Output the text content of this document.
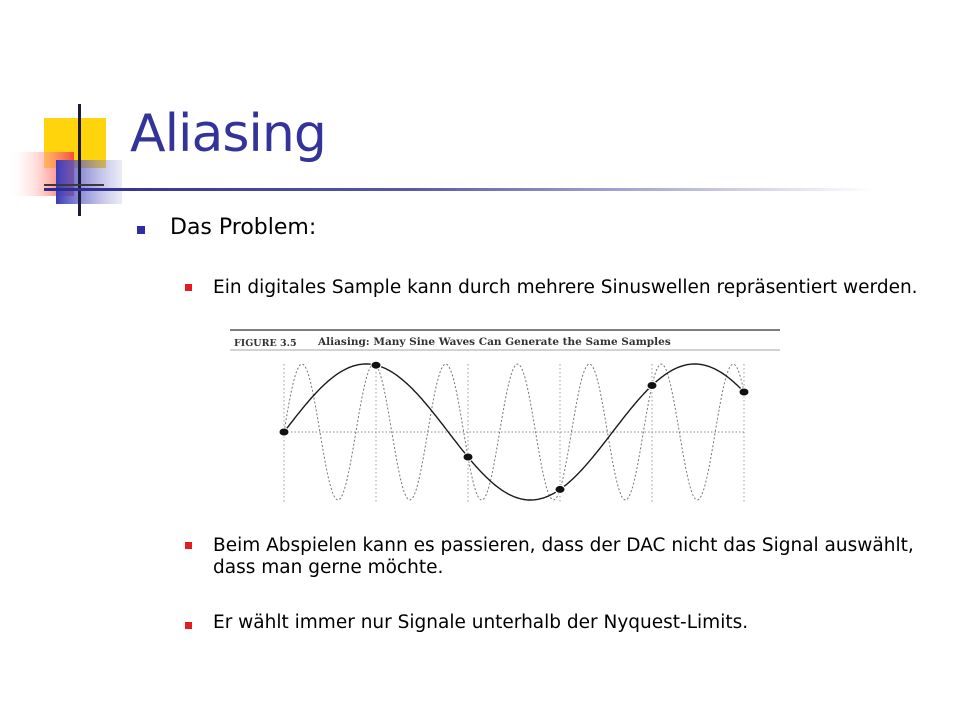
Aliasing
Das Problem:
Ein digitales Sample kann durch mehrere Sinuswellen repräsentiert werden.
FIGURE 3.5 Aliasing: Many Sine Waves Can Generate the Same Samples
Beim Abspielen kann es passieren, dass der DAC nicht das Signal auswählt, dass man gerne möchte.
Er wählt immer nur Signale unterhalb der Nyquest-Limits.
